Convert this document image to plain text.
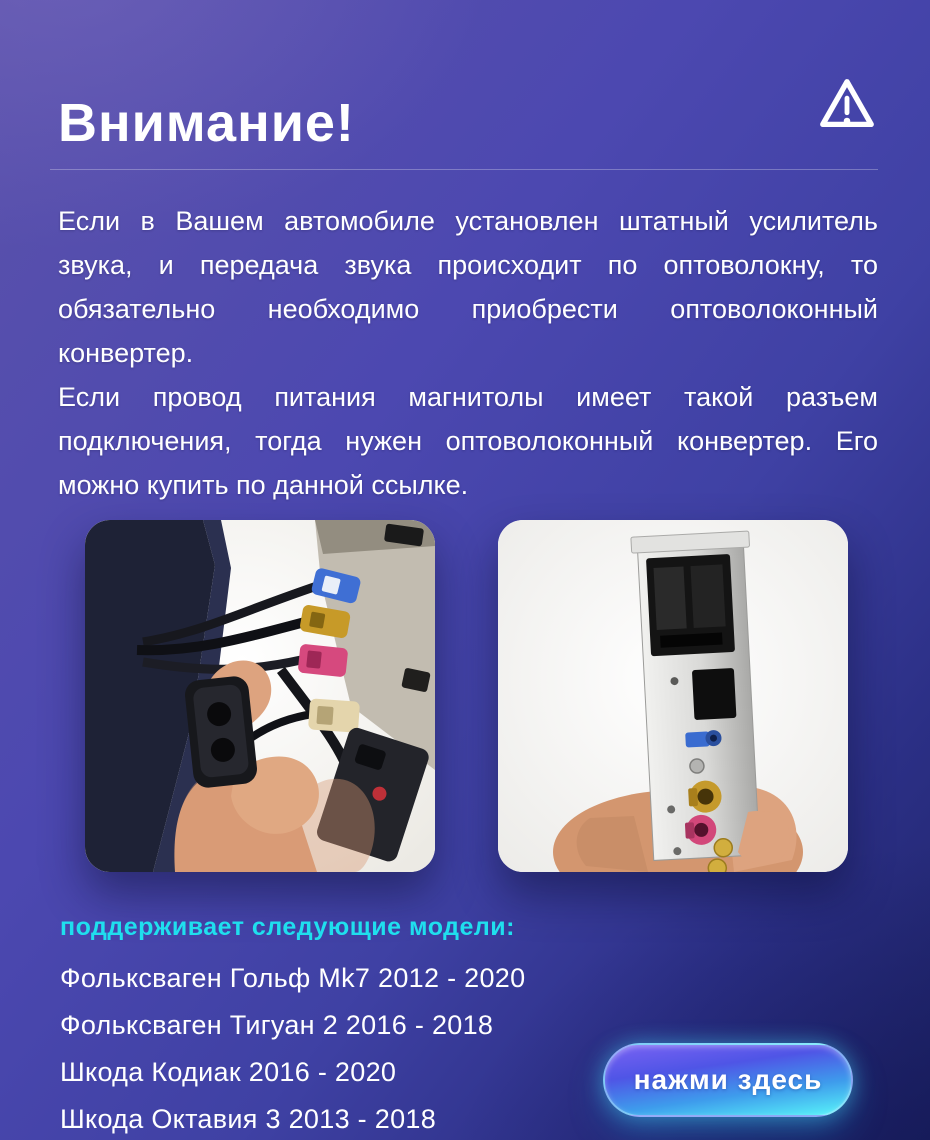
Внимание!

Если в Вашем автомобиле установлен штатный усилитель звука, и передача звука происходит по оптоволокну, то обязательно необходимо приобрести оптоволоконный конвертер.

Если провод питания магнитолы имеет такой разъем подключения, тогда нужен оптоволоконный конвертер. Его можно купить по данной ссылке.

поддерживает следующие модели:
Фольксваген Гольф Mk7 2012 - 2020
Фольксваген Тигуан 2 2016 - 2018
Шкода Кодиак 2016 - 2020
Шкода Октавия 3 2013 - 2018
нажми здесь
